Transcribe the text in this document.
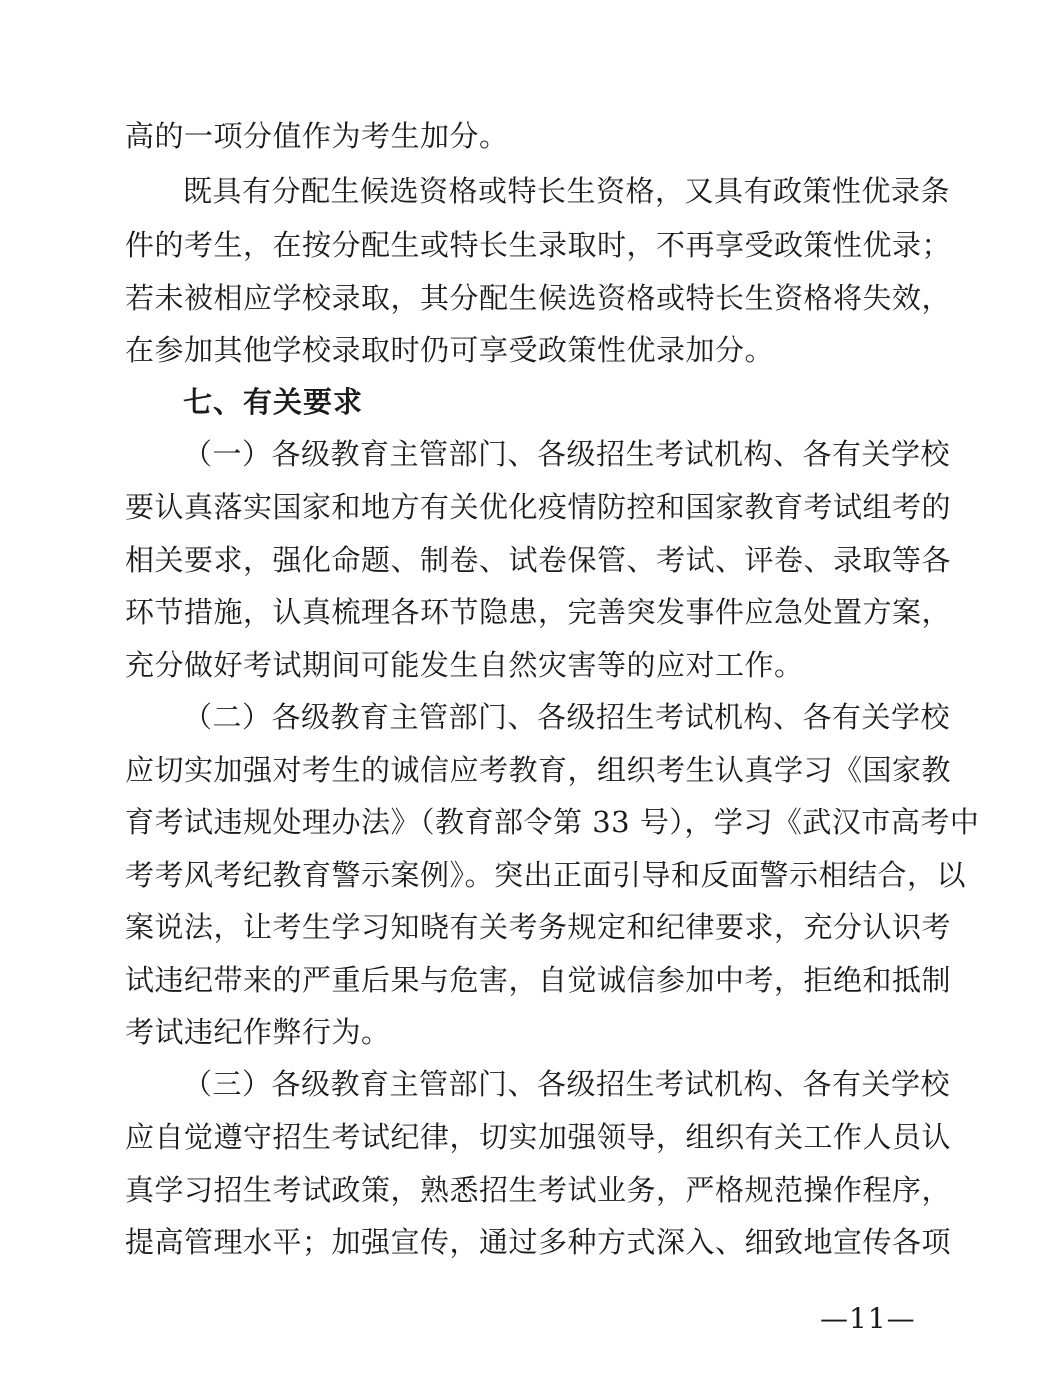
高的一项分值作为考生加分。
既具有分配生候选资格或特长生资格，又具有政策性优录条
件的考生，在按分配生或特长生录取时，不再享受政策性优录；
若未被相应学校录取，其分配生候选资格或特长生资格将失效，
在参加其他学校录取时仍可享受政策性优录加分。
七、有关要求
（一）各级教育主管部门、各级招生考试机构、各有关学校
要认真落实国家和地方有关优化疫情防控和国家教育考试组考的
相关要求，强化命题、制卷、试卷保管、考试、评卷、录取等各
环节措施，认真梳理各环节隐患，完善突发事件应急处置方案，
充分做好考试期间可能发生自然灾害等的应对工作。
（二）各级教育主管部门、各级招生考试机构、各有关学校
应切实加强对考生的诚信应考教育，组织考生认真学习《国家教
育考试违规处理办法》（教育部令第 33 号），学习《武汉市高考中
考考风考纪教育警示案例》。突出正面引导和反面警示相结合，以
案说法，让考生学习知晓有关考务规定和纪律要求，充分认识考
试违纪带来的严重后果与危害，自觉诚信参加中考，拒绝和抵制
考试违纪作弊行为。
（三）各级教育主管部门、各级招生考试机构、各有关学校
应自觉遵守招生考试纪律，切实加强领导，组织有关工作人员认
真学习招生考试政策，熟悉招生考试业务，严格规范操作程序，
提高管理水平；加强宣传，通过多种方式深入、细致地宣传各项
—11—
